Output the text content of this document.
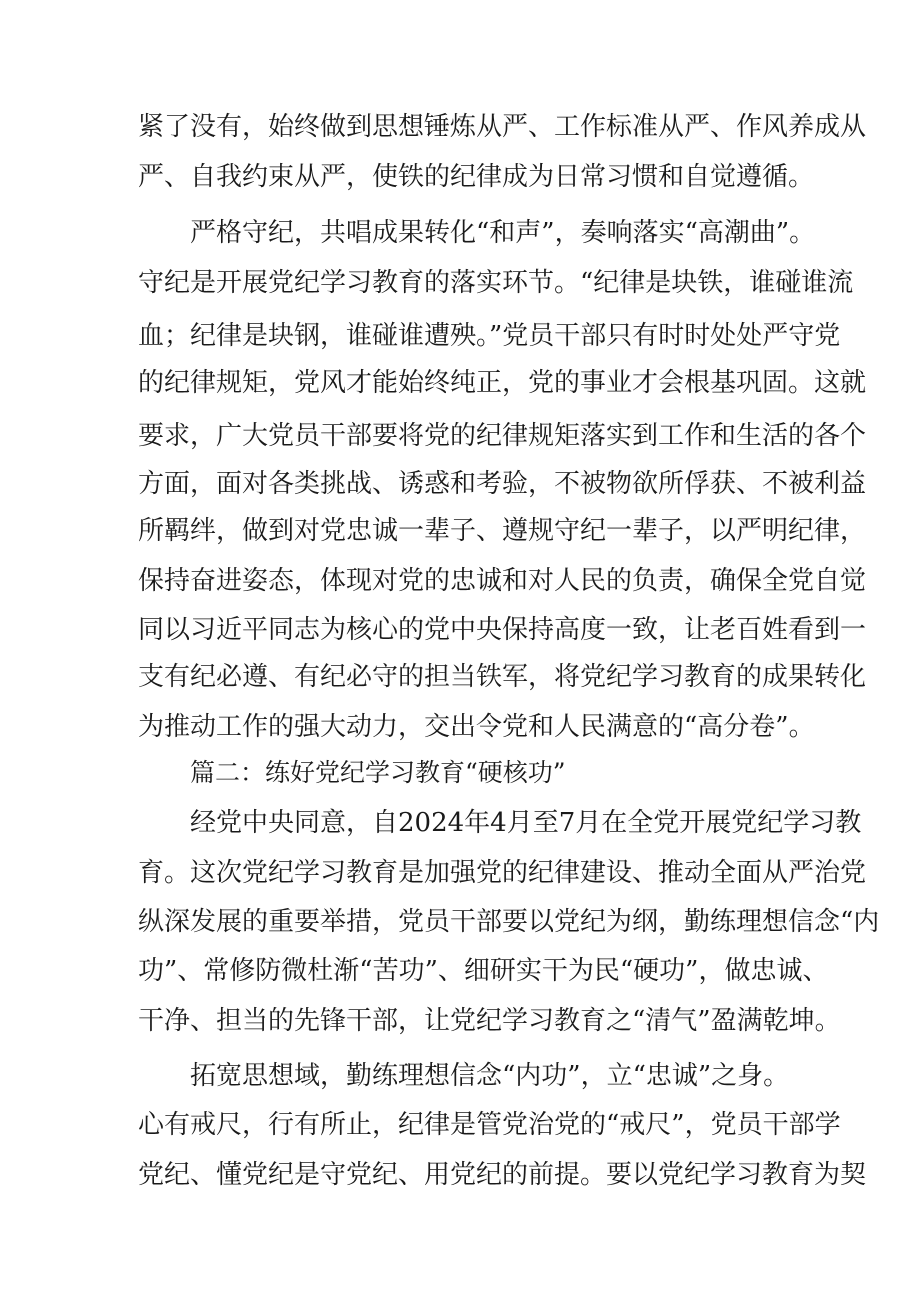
紧了没有，始终做到思想锤炼从严、工作标准从严、作风养成从
严、自我约束从严，使铁的纪律成为日常习惯和自觉遵循。
严格守纪，共唱成果转化“和声”，奏响落实“高潮曲”。
守纪是开展党纪学习教育的落实环节。“纪律是块铁，谁碰谁流
血；纪律是块钢，谁碰谁遭殃。”党员干部只有时时处处严守党
的纪律规矩，党风才能始终纯正，党的事业才会根基巩固。这就
要求，广大党员干部要将党的纪律规矩落实到工作和生活的各个
方面，面对各类挑战、诱惑和考验，不被物欲所俘获、不被利益
所羁绊，做到对党忠诚一辈子、遵规守纪一辈子，以严明纪律，
保持奋进姿态，体现对党的忠诚和对人民的负责，确保全党自觉
同以习近平同志为核心的党中央保持高度一致，让老百姓看到一
支有纪必遵、有纪必守的担当铁军，将党纪学习教育的成果转化
为推动工作的强大动力，交出令党和人民满意的“高分卷”。
篇二：练好党纪学习教育“硬核功”
经党中央同意，自2024年4月至7月在全党开展党纪学习教
育。这次党纪学习教育是加强党的纪律建设、推动全面从严治党
纵深发展的重要举措，党员干部要以党纪为纲，勤练理想信念“内
功”、常修防微杜渐“苦功”、细研实干为民“硬功”，做忠诚、
干净、担当的先锋干部，让党纪学习教育之“清气”盈满乾坤。
拓宽思想域，勤练理想信念“内功”，立“忠诚”之身。
心有戒尺，行有所止，纪律是管党治党的“戒尺”，党员干部学
党纪、懂党纪是守党纪、用党纪的前提。要以党纪学习教育为契
